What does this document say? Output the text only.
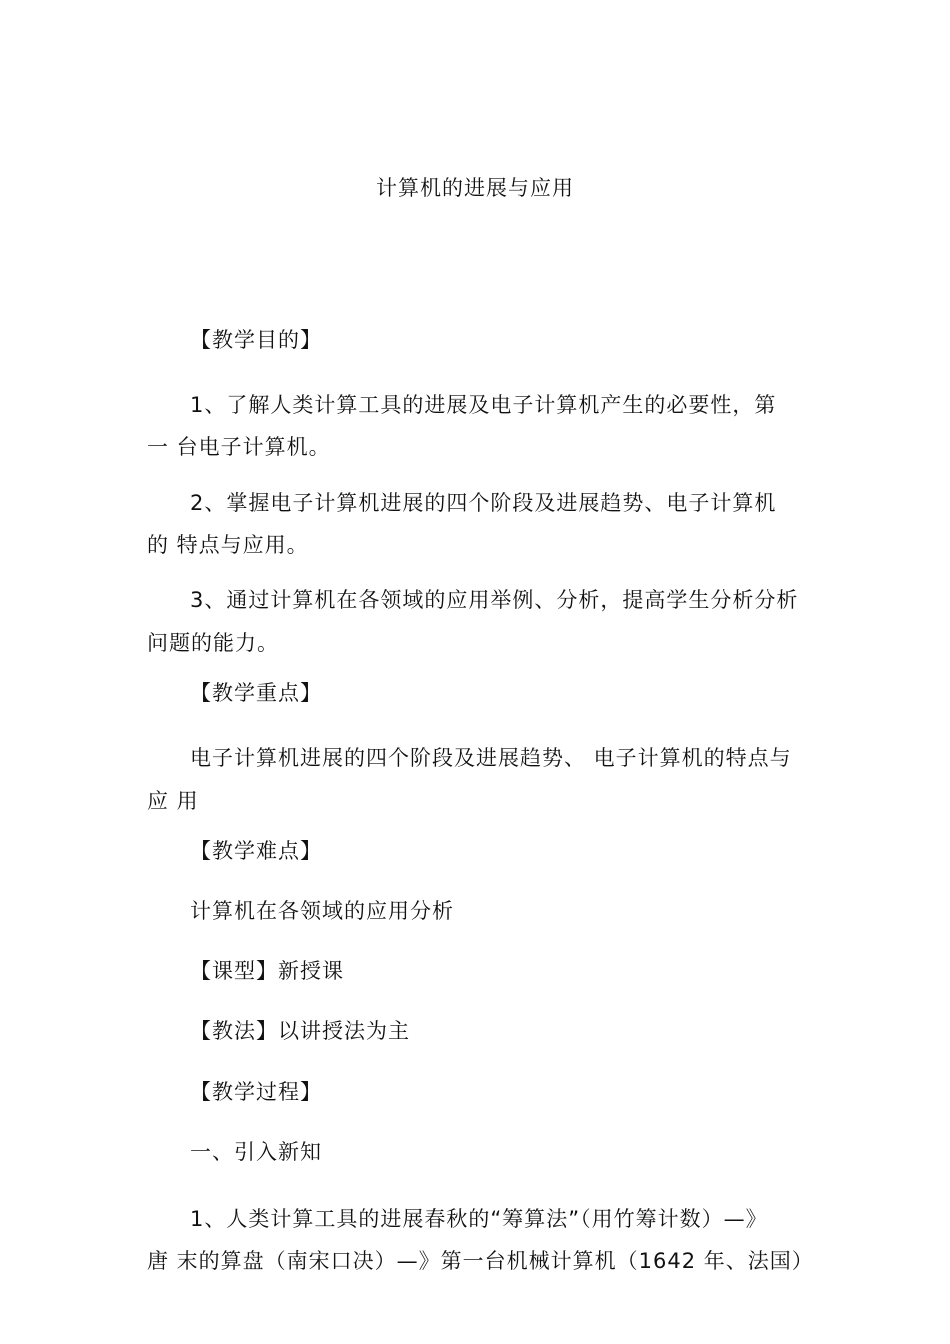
计算机的进展与应用
【教学目的】
1、了解人类计算工具的进展及电子计算机产生的必要性，第
一 台电子计算机。
2、掌握电子计算机进展的四个阶段及进展趋势、电子计算机
的 特点与应用。
3、通过计算机在各领域的应用举例、分析，提高学生分析分析
问题的能力。
【教学重点】
电子计算机进展的四个阶段及进展趋势、 电子计算机的特点与
应 用
【教学难点】
计算机在各领域的应用分析
【课型】新授课
【教法】以讲授法为主
【教学过程】
一、引入新知
1、人类计算工具的进展春秋的“筹算法”（用竹筹计数）—》
唐 末的算盘（南宋口决）—》第一台机械计算机（1642 年、法国）
